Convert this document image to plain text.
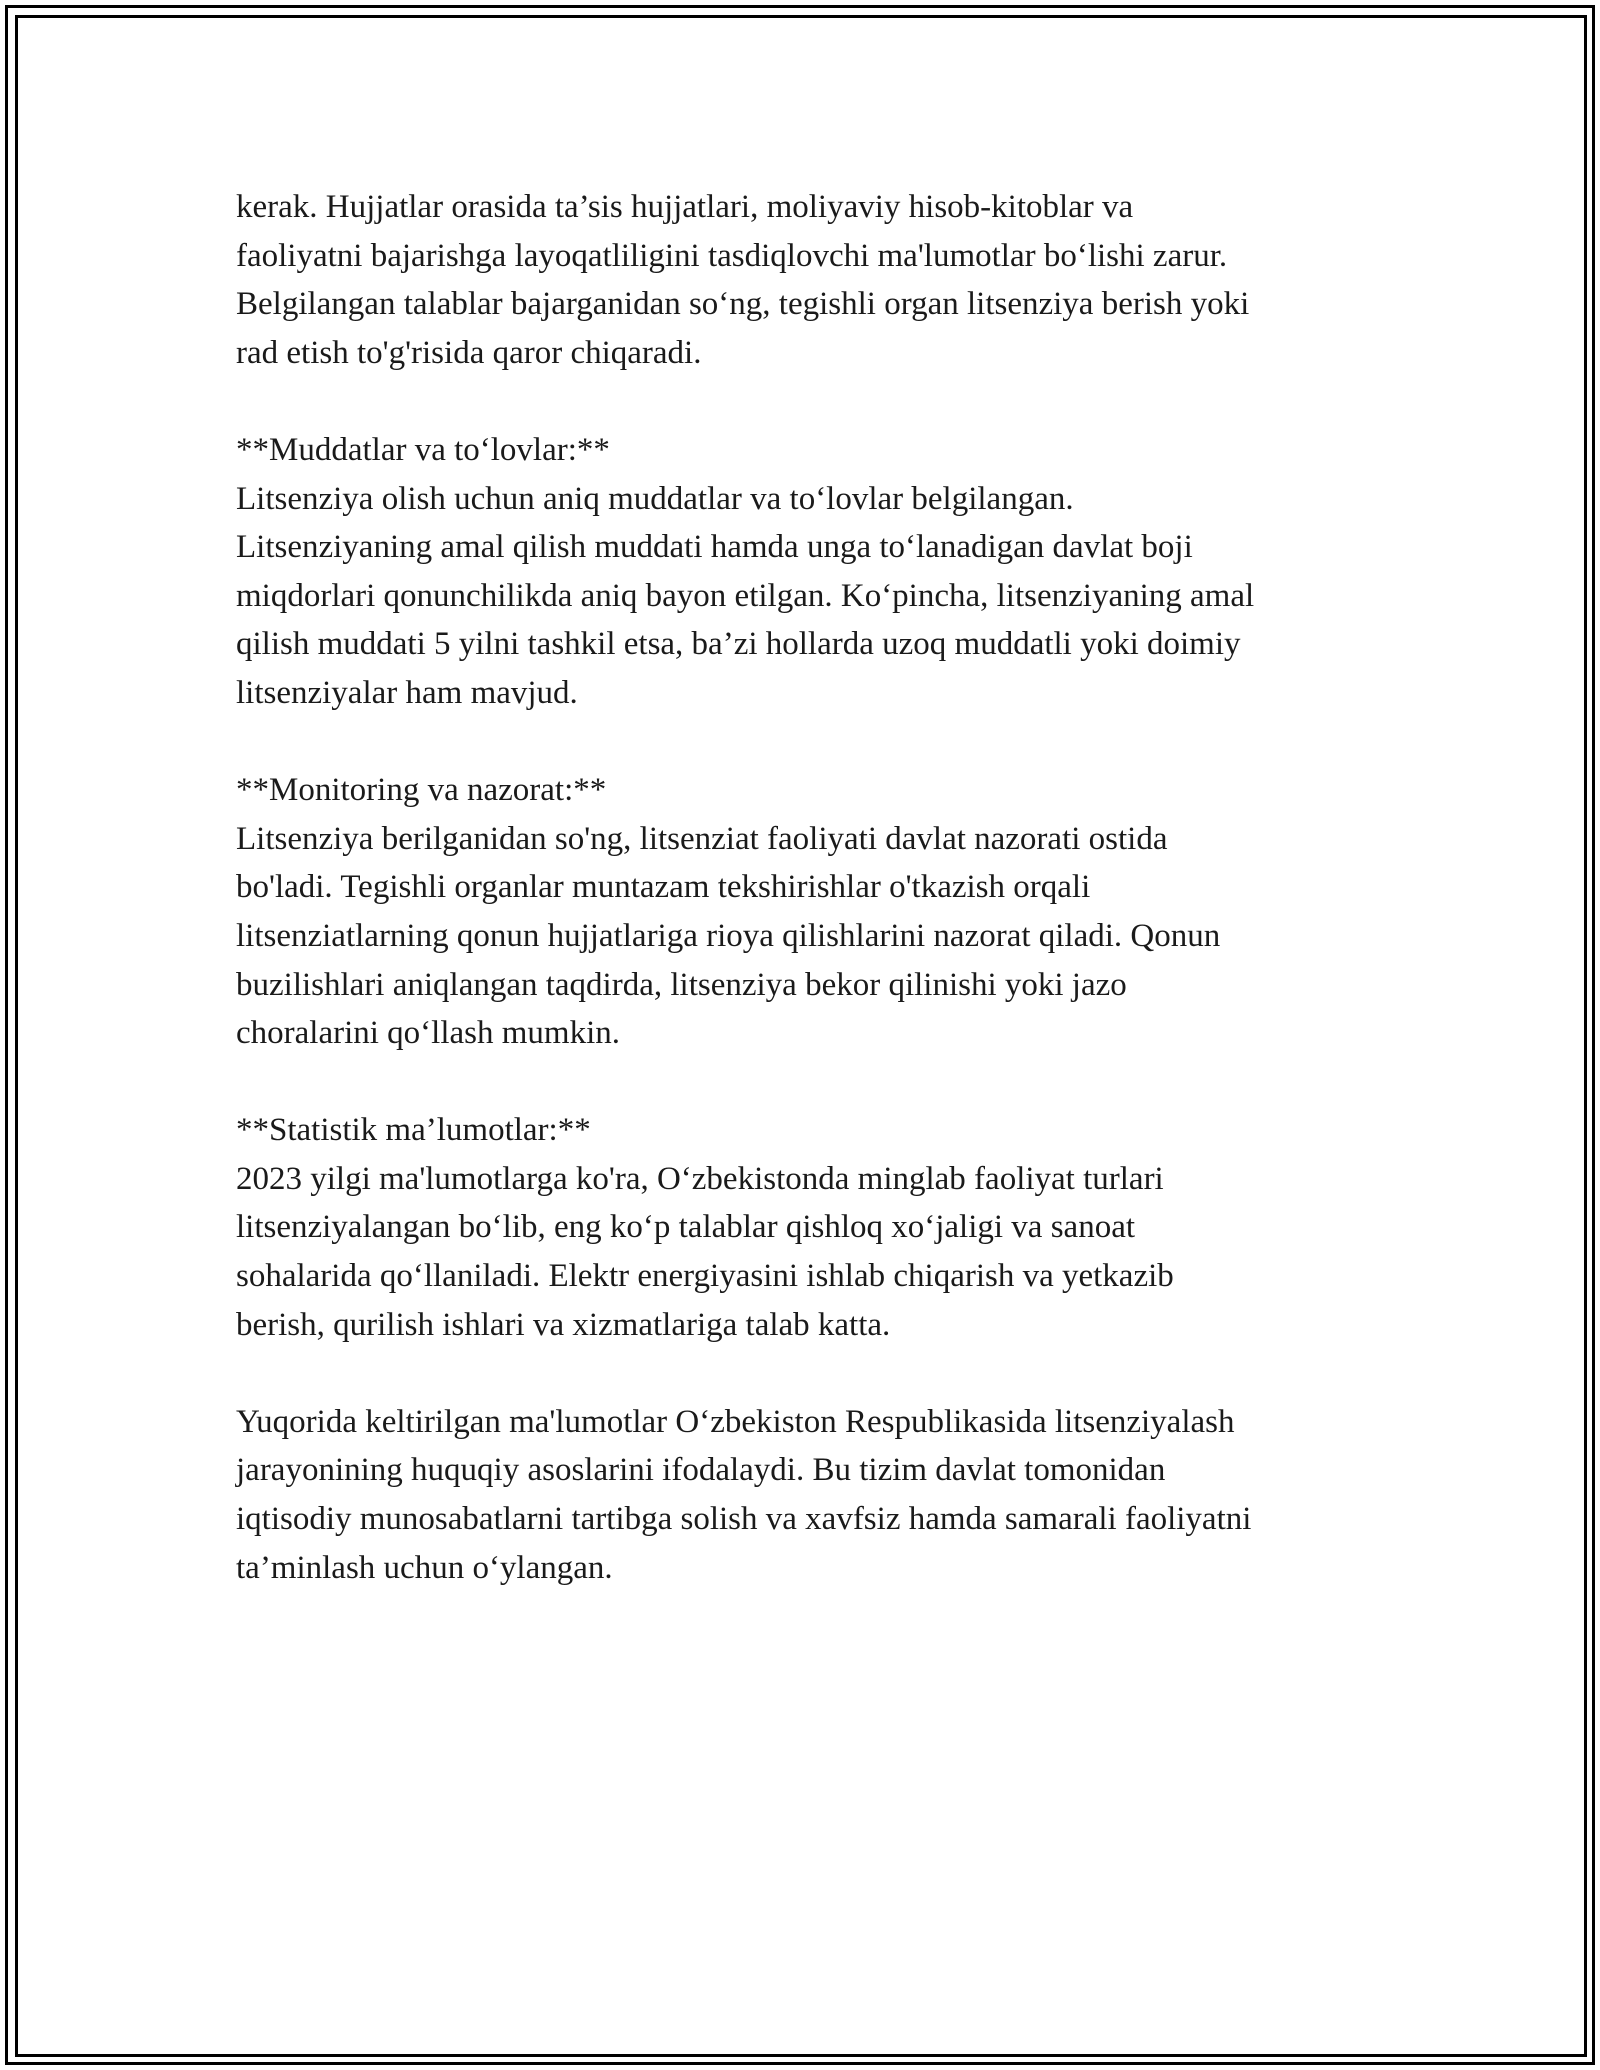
kerak. Hujjatlar orasida ta’sis hujjatlari, moliyaviy hisob-kitoblar va
faoliyatni bajarishga layoqatliligini tasdiqlovchi ma'lumotlar bo‘lishi zarur.
Belgilangan talablar bajarganidan so‘ng, tegishli organ litsenziya berish yoki
rad etish to'g'risida qaror chiqaradi.
**Muddatlar va to‘lovlar:**
Litsenziya olish uchun aniq muddatlar va to‘lovlar belgilangan.
Litsenziyaning amal qilish muddati hamda unga to‘lanadigan davlat boji
miqdorlari qonunchilikda aniq bayon etilgan. Ko‘pincha, litsenziyaning amal
qilish muddati 5 yilni tashkil etsa, ba’zi hollarda uzoq muddatli yoki doimiy
litsenziyalar ham mavjud.
**Monitoring va nazorat:**
Litsenziya berilganidan so'ng, litsenziat faoliyati davlat nazorati ostida
bo'ladi. Tegishli organlar muntazam tekshirishlar o'tkazish orqali
litsenziatlarning qonun hujjatlariga rioya qilishlarini nazorat qiladi. Qonun
buzilishlari aniqlangan taqdirda, litsenziya bekor qilinishi yoki jazo
choralarini qo‘llash mumkin.
**Statistik ma’lumotlar:**
2023 yilgi ma'lumotlarga ko'ra, O‘zbekistonda minglab faoliyat turlari
litsenziyalangan bo‘lib, eng ko‘p talablar qishloq xo‘jaligi va sanoat
sohalarida qo‘llaniladi. Elektr energiyasini ishlab chiqarish va yetkazib
berish, qurilish ishlari va xizmatlariga talab katta.
Yuqorida keltirilgan ma'lumotlar O‘zbekiston Respublikasida litsenziyalash
jarayonining huquqiy asoslarini ifodalaydi. Bu tizim davlat tomonidan
iqtisodiy munosabatlarni tartibga solish va xavfsiz hamda samarali faoliyatni
ta’minlash uchun o‘ylangan.
